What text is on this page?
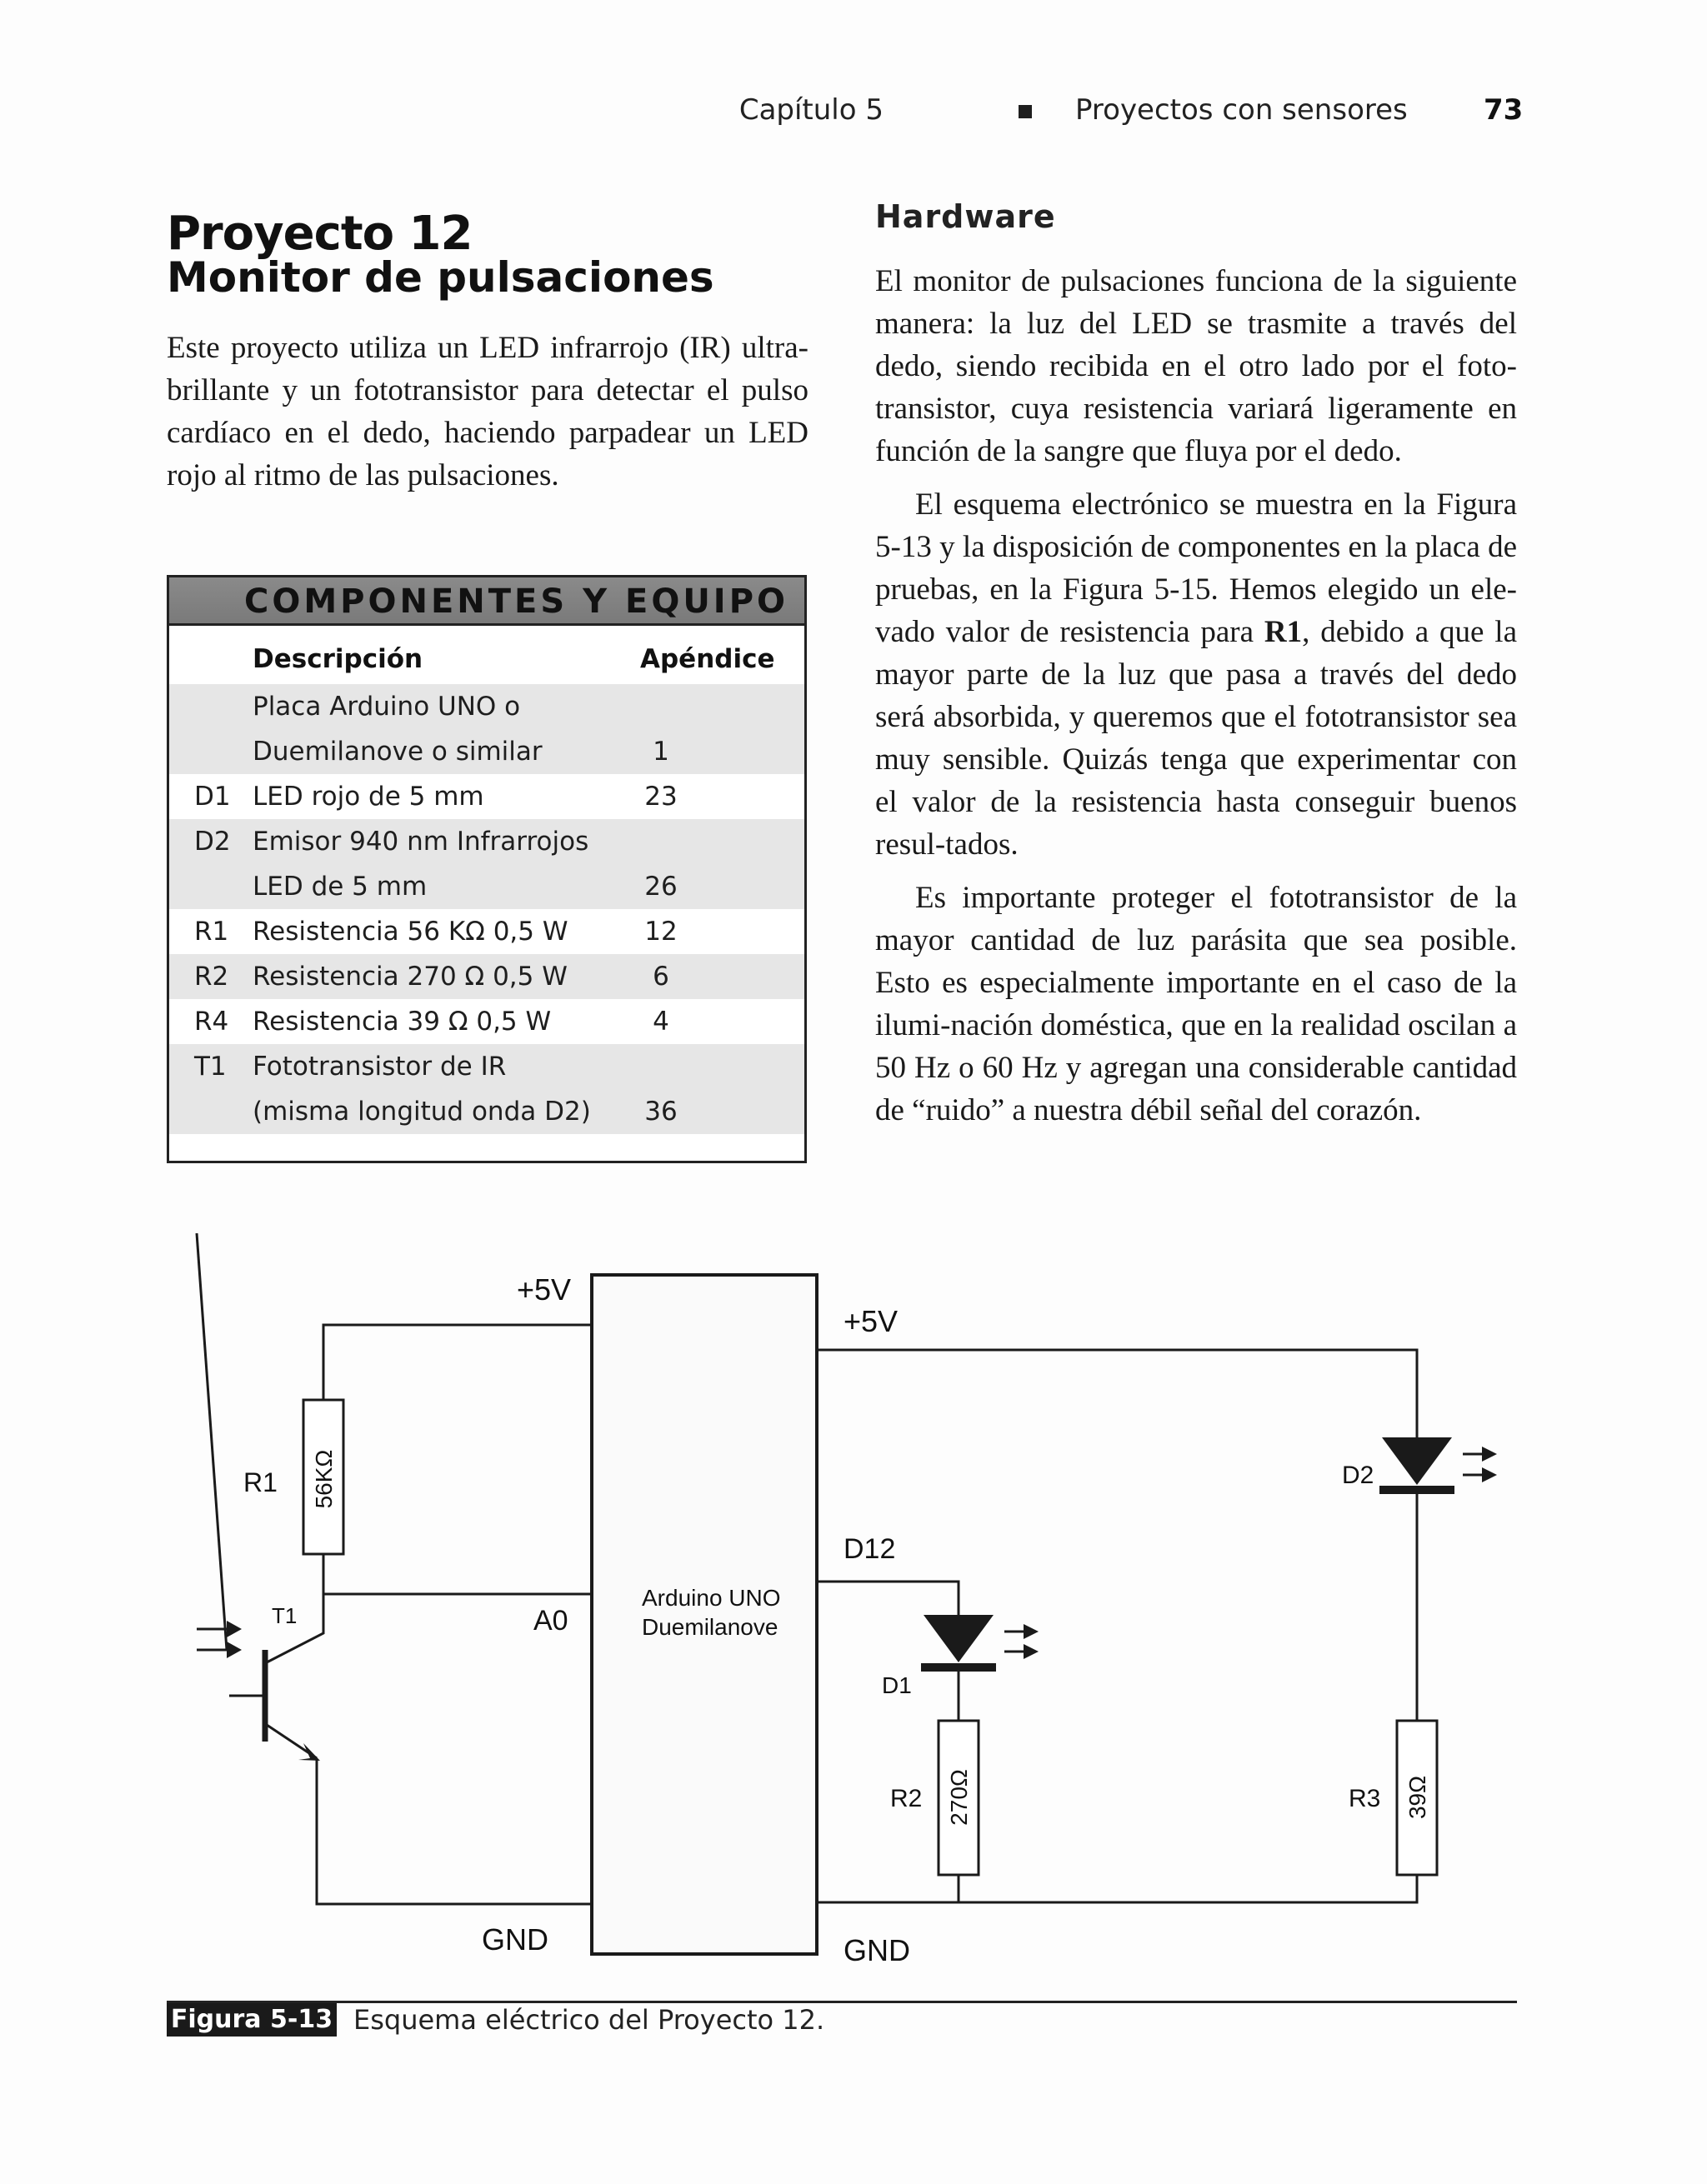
Capítulo 5	Proyectos con sensores	73
Proyecto 12
Monitor de pulsaciones
Este proyecto utiliza un LED infrarrojo (IR) ultra-brillante y un fototransistor para detectar el pulso cardíaco en el dedo, haciendo parpadear un LED rojo al ritmo de las pulsaciones.
COMPONENTES Y EQUIPO
Descripción	Apéndice
Placa Arduino UNO o
Duemilanove o similar	1
D1 LED rojo de 5 mm	23
D2 Emisor 940 nm Infrarrojos
LED de 5 mm	26
R1 Resistencia 56 KΩ 0,5 W	12
R2 Resistencia 270 Ω 0,5 W	6
R4 Resistencia 39 Ω 0,5 W	4
T1 Fototransistor de IR
(misma longitud onda D2)	36
Hardware
El monitor de pulsaciones funciona de la siguiente manera: la luz del LED se trasmite a través del dedo, siendo recibida en el otro lado por el foto-transistor, cuya resistencia variará ligeramente en función de la sangre que fluya por el dedo.
El esquema electrónico se muestra en la Figura 5-13 y la disposición de componentes en la placa de pruebas, en la Figura 5-15. Hemos elegido un ele-vado valor de resistencia para R1, debido a que la mayor parte de la luz que pasa a través del dedo será absorbida, y queremos que el fototransistor sea muy sensible. Quizás tenga que experimentar con el valor de la resistencia hasta conseguir buenos resul-tados.
Es importante proteger el fototransistor de la mayor cantidad de luz parásita que sea posible. Esto es especialmente importante en el caso de la ilumi-nación doméstica, que en la realidad oscilan a 50 Hz o 60 Hz y agregan una considerable cantidad de “ruido” a nuestra débil señal del corazón.
+5V
+5V
R1 56KΩ
T1	A0
D12
Arduino UNO
Duemilanove
D1
D2
R2 270Ω	R3 39Ω
GND	GND
Figura 5-13 Esquema eléctrico del Proyecto 12.
